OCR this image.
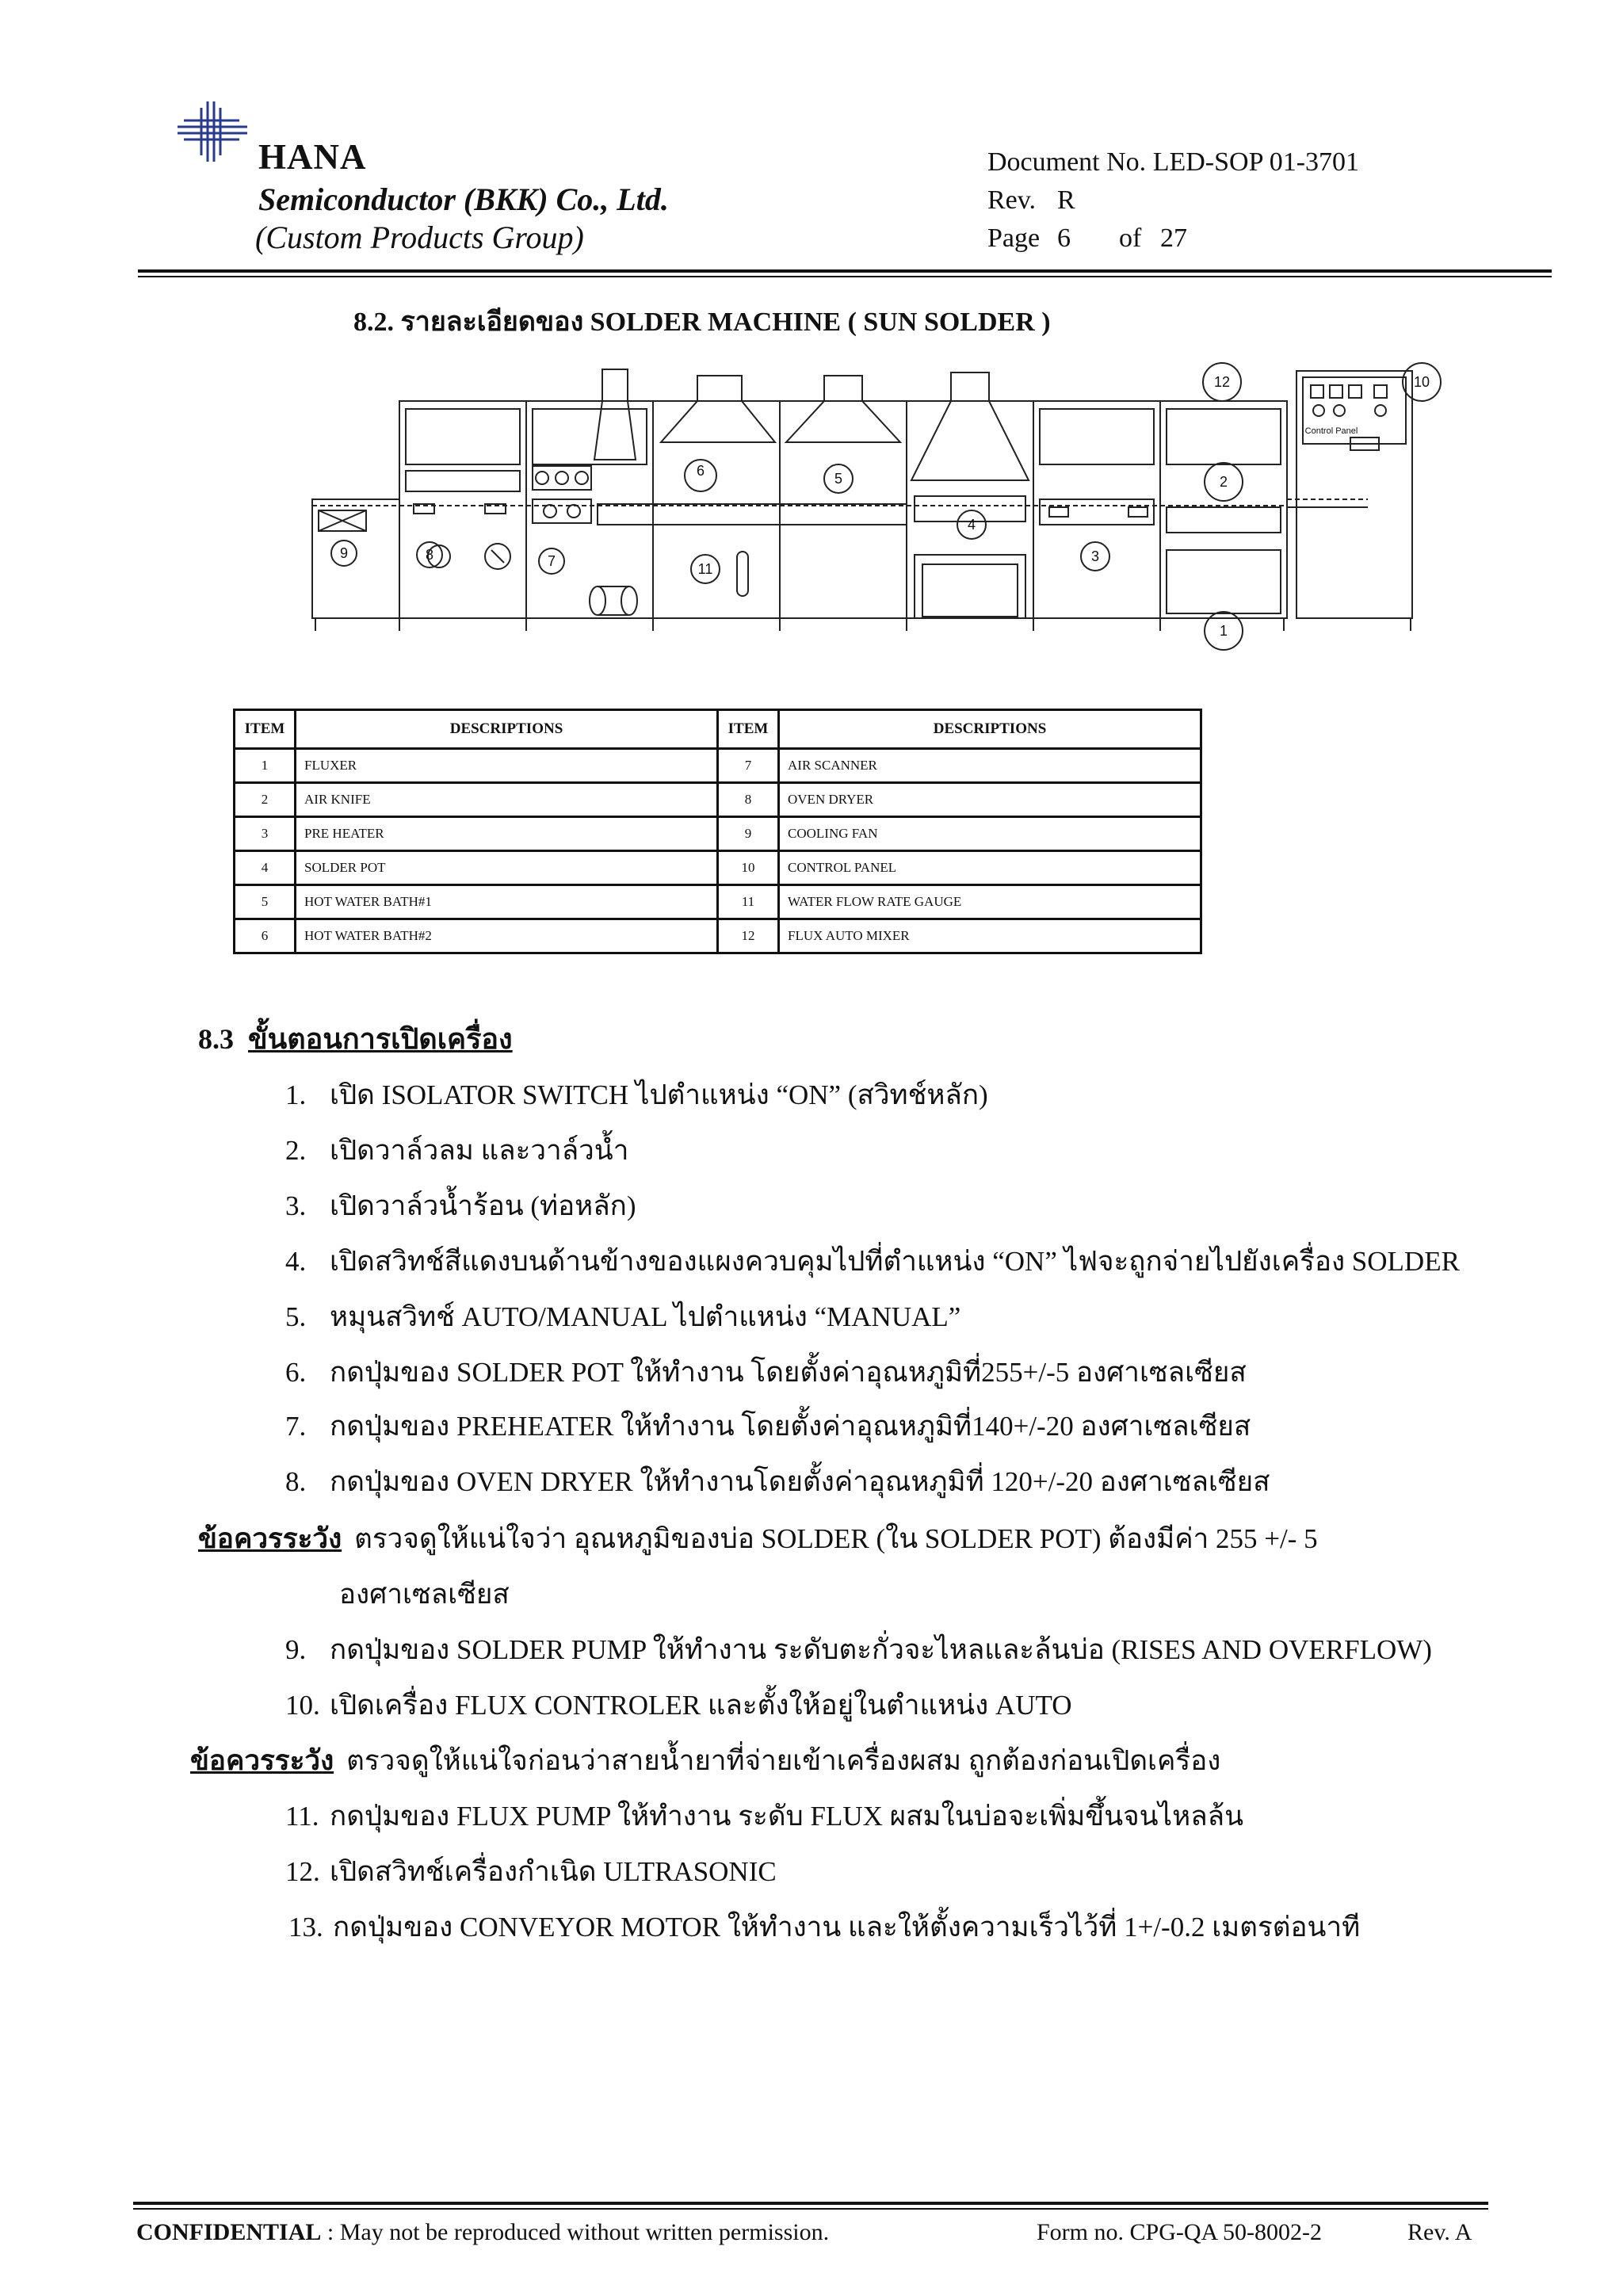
HANA
Semiconductor (BKK) Co., Ltd.
(Custom Products Group)
Document No. LED-SOP 01-3701
Rev. R
Page 6 of 27
8.2. รายละเอียดของ SOLDER MACHINE ( SUN SOLDER )
1
2
3
4
5
6
7
8
9
10
11
12
Control Panel
ITEM	DESCRIPTIONS	ITEM	DESCRIPTIONS
1	FLUXER	7	AIR SCANNER
2	AIR KNIFE	8	OVEN DRYER
3	PRE HEATER	9	COOLING FAN
4	SOLDER POT	10	CONTROL PANEL
5	HOT WATER BATH#1	11	WATER FLOW RATE GAUGE
6	HOT WATER BATH#2	12	FLUX AUTO MIXER
8.3 ขั้นตอนการเปิดเครื่อง
1. เปิด ISOLATOR SWITCH ไปตำแหน่ง “ON” (สวิทช์หลัก)
2. เปิดวาล์วลม และวาล์วน้ำ
3. เปิดวาล์วน้ำร้อน (ท่อหลัก)
4. เปิดสวิทช์สีแดงบนด้านข้างของแผงควบคุมไปที่ตำแหน่ง “ON” ไฟจะถูกจ่ายไปยังเครื่อง SOLDER
5. หมุนสวิทช์ AUTO/MANUAL ไปตำแหน่ง “MANUAL”
6. กดปุ่มของ SOLDER POT ให้ทำงาน โดยตั้งค่าอุณหภูมิที่255+/-5 องศาเซลเซียส
7. กดปุ่มของ PREHEATER ให้ทำงาน โดยตั้งค่าอุณหภูมิที่140+/-20 องศาเซลเซียส
8. กดปุ่มของ OVEN DRYER ให้ทำงานโดยตั้งค่าอุณหภูมิที่ 120+/-20 องศาเซลเซียส
ข้อควรระวัง ตรวจดูให้แน่ใจว่า อุณหภูมิของบ่อ SOLDER (ใน SOLDER POT) ต้องมีค่า 255 +/- 5
องศาเซลเซียส
9. กดปุ่มของ SOLDER PUMP ให้ทำงาน ระดับตะกั่วจะไหลและล้นบ่อ (RISES AND OVERFLOW)
10. เปิดเครื่อง FLUX CONTROLER และตั้งให้อยู่ในตำแหน่ง AUTO
ข้อควรระวัง ตรวจดูให้แน่ใจก่อนว่าสายน้ำยาที่จ่ายเข้าเครื่องผสม ถูกต้องก่อนเปิดเครื่อง
11. กดปุ่มของ FLUX PUMP ให้ทำงาน ระดับ FLUX ผสมในบ่อจะเพิ่มขึ้นจนไหลล้น
12. เปิดสวิทช์เครื่องกำเนิด ULTRASONIC
13. กดปุ่มของ CONVEYOR MOTOR ให้ทำงาน และให้ตั้งความเร็วไว้ที่ 1+/-0.2 เมตรต่อนาที
CONFIDENTIAL : May not be reproduced without written permission.	Form no. CPG-QA 50-8002-2	Rev. A
